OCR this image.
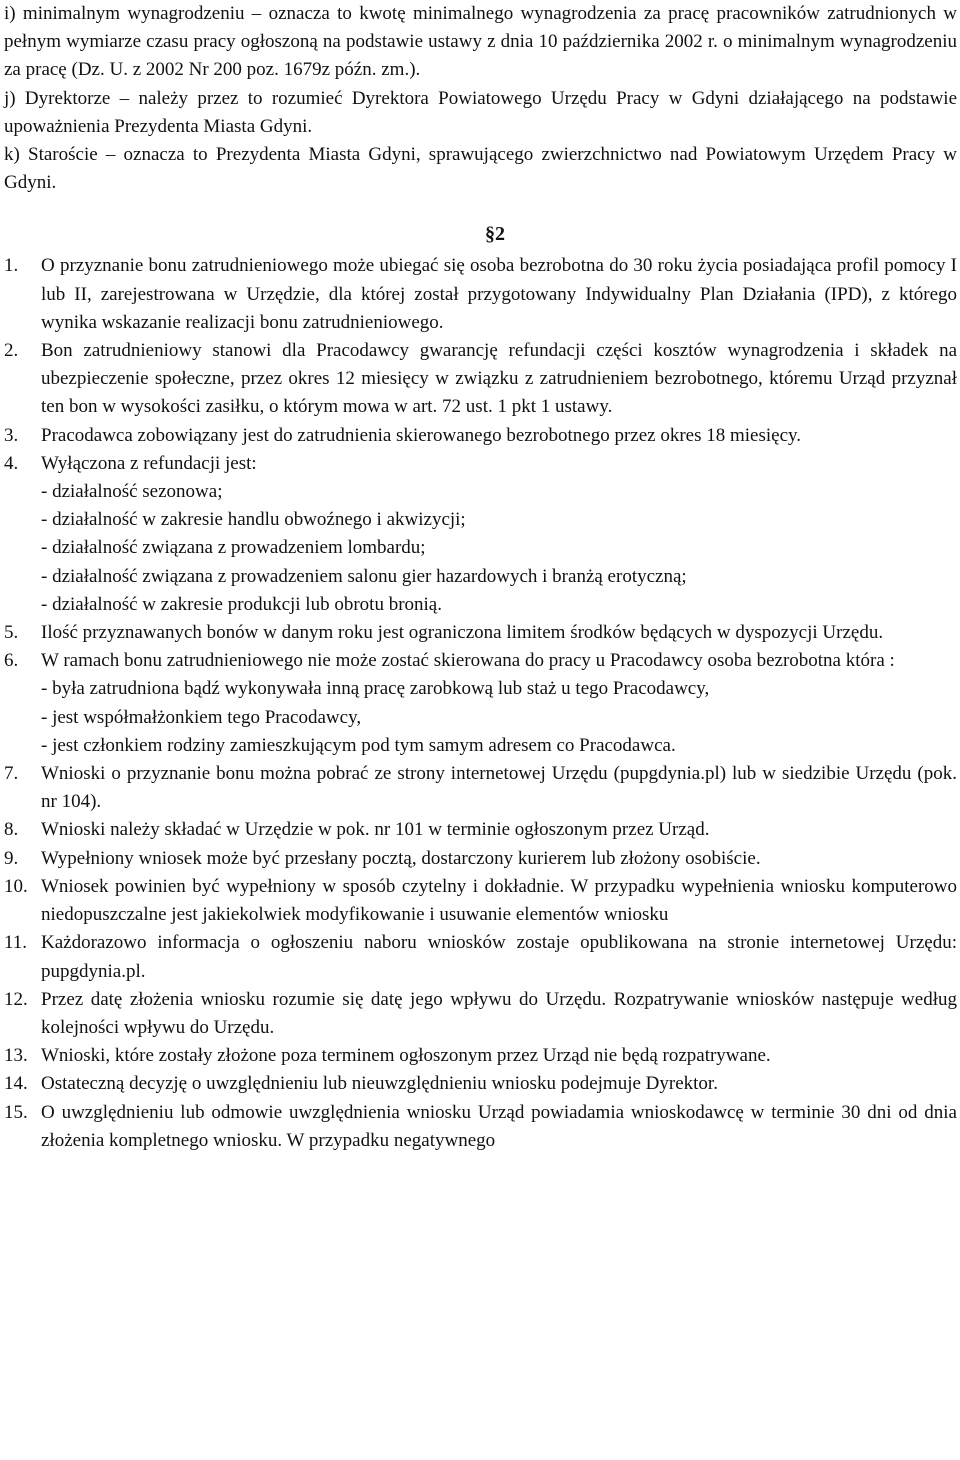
i) minimalnym wynagrodzeniu – oznacza to kwotę minimalnego wynagrodzenia za pracę pracowników zatrudnionych w pełnym wymiarze czasu pracy ogłoszoną na podstawie ustawy z dnia 10 października 2002 r. o minimalnym wynagrodzeniu za pracę (Dz. U. z 2002 Nr 200 poz. 1679z późn. zm.).

j) Dyrektorze – należy przez to rozumieć Dyrektora Powiatowego Urzędu Pracy w Gdyni działającego na podstawie upoważnienia Prezydenta Miasta Gdyni.

k) Staroście – oznacza to Prezydenta Miasta Gdyni, sprawującego zwierzchnictwo nad Powiatowym Urzędem Pracy w Gdyni.

§2
1. O przyznanie bonu zatrudnieniowego może ubiegać się osoba bezrobotna do 30 roku życia posiadająca profil pomocy I lub II, zarejestrowana w Urzędzie, dla której został przygotowany Indywidualny Plan Działania (IPD), z którego wynika wskazanie realizacji bonu zatrudnieniowego.
2. Bon zatrudnieniowy stanowi dla Pracodawcy gwarancję refundacji części kosztów wynagrodzenia i składek na ubezpieczenie społeczne, przez okres 12 miesięcy w związku z zatrudnieniem bezrobotnego, któremu Urząd przyznał ten bon w wysokości zasiłku, o którym mowa w art. 72 ust. 1 pkt 1 ustawy.
3. Pracodawca zobowiązany jest do zatrudnienia skierowanego bezrobotnego przez okres 18 miesięcy.
4. Wyłączona z refundacji jest:
- działalność sezonowa;
- działalność w zakresie handlu obwoźnego i akwizycji;
- działalność związana z prowadzeniem lombardu;
- działalność związana z prowadzeniem salonu gier hazardowych i branżą erotyczną;
- działalność w zakresie produkcji lub obrotu bronią.
5. Ilość przyznawanych bonów w danym roku jest ograniczona limitem środków będących w dyspozycji Urzędu.
6. W ramach bonu zatrudnieniowego nie może zostać skierowana do pracy u Pracodawcy osoba bezrobotna która :
- była zatrudniona bądź wykonywała inną pracę zarobkową lub staż u tego Pracodawcy,
- jest współmałżonkiem tego Pracodawcy,
- jest członkiem rodziny zamieszkującym pod tym samym adresem co Pracodawca.
7. Wnioski o przyznanie bonu można pobrać ze strony internetowej Urzędu (pupgdynia.pl) lub w siedzibie Urzędu (pok. nr 104).
8. Wnioski należy składać w Urzędzie w pok. nr 101 w terminie ogłoszonym przez Urząd.
9. Wypełniony wniosek może być przesłany pocztą, dostarczony kurierem lub złożony osobiście.
10. Wniosek powinien być wypełniony w sposób czytelny i dokładnie. W przypadku wypełnienia wniosku komputerowo niedopuszczalne jest jakiekolwiek modyfikowanie i usuwanie elementów wniosku
11. Każdorazowo informacja o ogłoszeniu naboru wniosków zostaje opublikowana na stronie internetowej Urzędu: pupgdynia.pl.
12. Przez datę złożenia wniosku rozumie się datę jego wpływu do Urzędu. Rozpatrywanie wniosków następuje według kolejności wpływu do Urzędu.
13. Wnioski, które zostały złożone poza terminem ogłoszonym przez Urząd nie będą rozpatrywane.
14. Ostateczną decyzję o uwzględnieniu lub nieuwzględnieniu wniosku podejmuje Dyrektor.
15. O uwzględnieniu lub odmowie uwzględnienia wniosku Urząd powiadamia wnioskodawcę w terminie 30 dni od dnia złożenia kompletnego wniosku. W przypadku negatywnego
